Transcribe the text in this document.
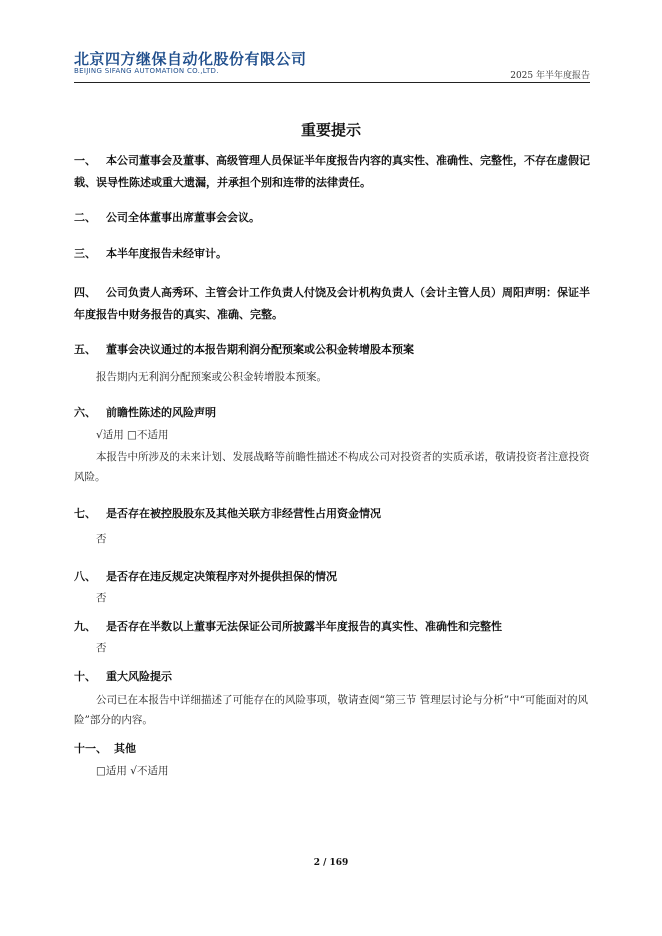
北京四方继保自动化股份有限公司
BEIJING SIFANG AUTOMATION CO.,LTD.	2025 年半年度报告
重要提示
一、 本公司董事会及董事、高级管理人员保证半年度报告内容的真实性、准确性、完整性，不存在虚假记载、误导性陈述或重大遗漏，并承担个别和连带的法律责任。
二、 公司全体董事出席董事会会议。
三、 本半年度报告未经审计。
四、 公司负责人高秀环、主管会计工作负责人付饶及会计机构负责人（会计主管人员）周阳声明：保证半年度报告中财务报告的真实、准确、完整。
五、 董事会决议通过的本报告期利润分配预案或公积金转增股本预案
报告期内无利润分配预案或公积金转增股本预案。
六、 前瞻性陈述的风险声明
√适用 □不适用
本报告中所涉及的未来计划、发展战略等前瞻性描述不构成公司对投资者的实质承诺，敬请投资者注意投资风险。
七、 是否存在被控股股东及其他关联方非经营性占用资金情况
否
八、 是否存在违反规定决策程序对外提供担保的情况
否
九、 是否存在半数以上董事无法保证公司所披露半年度报告的真实性、准确性和完整性
否
十、 重大风险提示
公司已在本报告中详细描述了可能存在的风险事项，敬请查阅“第三节 管理层讨论与分析”中“可能面对的风险”部分的内容。
十一、 其他
□适用 √不适用
2 / 169
